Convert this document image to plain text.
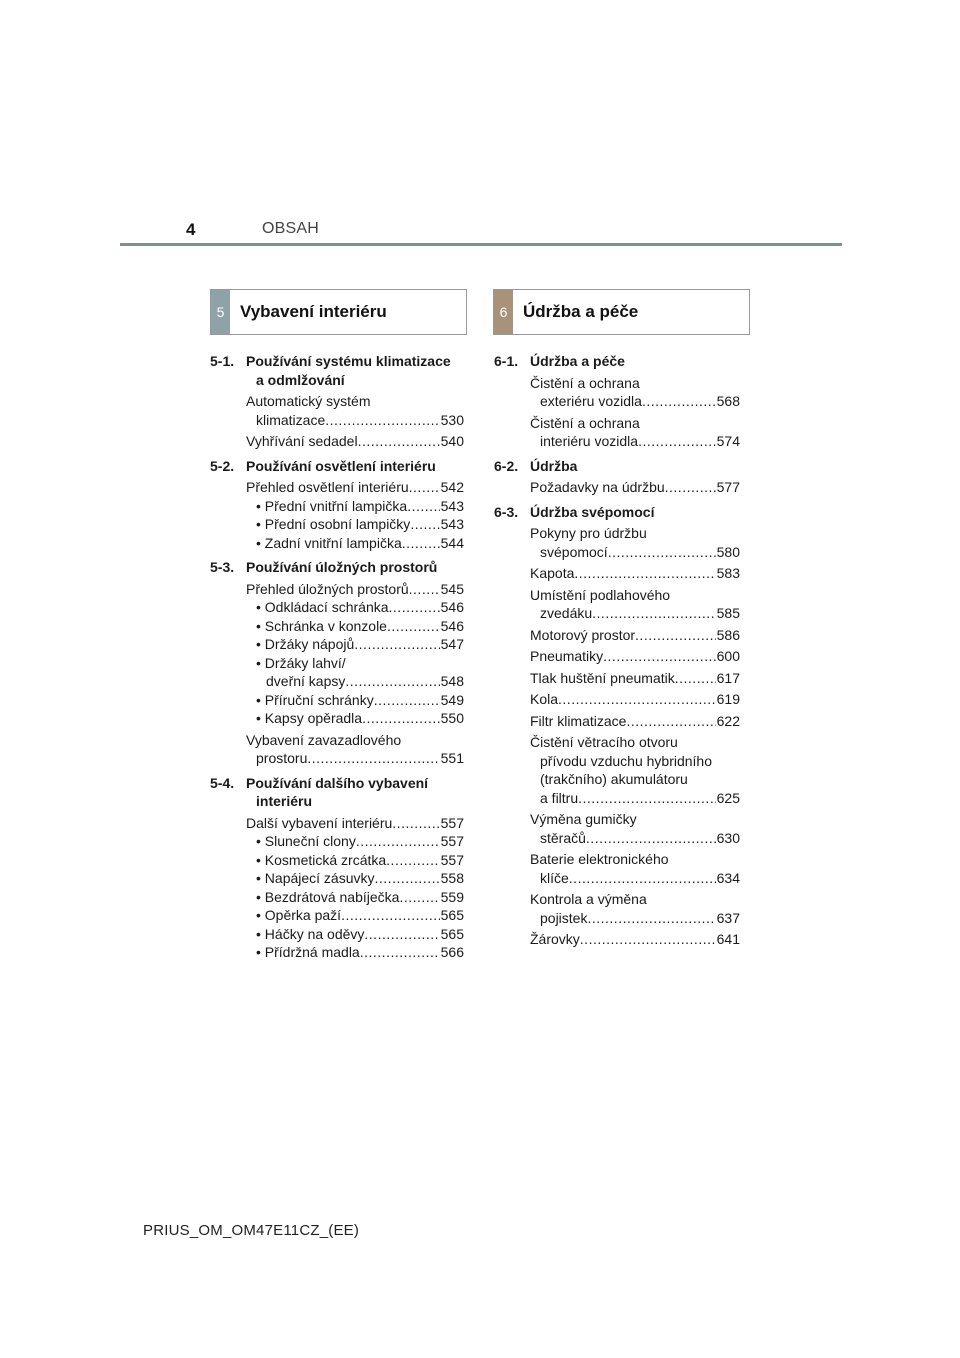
4	OBSAH
5 Vybavení interiéru	6 Údržba a péče
5-1. Používání systému klimatizace
a odmlžování
Automatický systém
klimatizace .....	530
Vyhřívání sedadel .....	540
5-2. Používání osvětlení interiéru
Přehled osvětlení interiéru ..... 542
• Přední vnitřní lampička ..... 543
• Přední osobní lampičky ..... 543
• Zadní vnitřní lampička .....	544
5-3. Používání úložných prostorů
Přehled úložných prostorů ..... 545
• Odkládací schránka .....	546
• Schránka v konzole .....	546
• Držáky nápojů .....	547
• Držáky lahví/
dveřní kapsy .....	548
• Příruční schránky .....	549
• Kapsy opěradla .....	550
Vybavení zavazadlového
prostoru .....	551
5-4. Používání dalšího vybavení
interiéru
Další vybavení interiéru .....	557
• Sluneční clony .....	557
• Kosmetická zrcátka .....	557
• Napájecí zásuvky .....	558
• Bezdrátová nabíječka .....	559
• Opěrka paží .....	565
• Háčky na oděvy .....	565
• Přídržná madla .....	566
6-1. Údržba a péče
Čistění a ochrana
exteriéru vozidla .....	568
Čistění a ochrana
interiéru vozidla .....	574
6-2. Údržba
Požadavky na údržbu .....	577
6-3. Údržba svépomocí
Pokyny pro údržbu
svépomocí .....	580
Kapota .....	583
Umístění podlahového
zvedáku .....	585
Motorový prostor .....	586
Pneumatiky .....	600
Tlak huštění pneumatik .....	617
Kola .....	619
Filtr klimatizace .....	622
Čistění větracího otvoru
přívodu vzduchu hybridního
(trakčního) akumulátoru
a filtru .....	625
Výměna gumičky
stěračů .....	630
Baterie elektronického
klíče .....	634
Kontrola a výměna
pojistek .....	637
Žárovky .....	641
PRIUS_OM_OM47E11CZ_(EE)
